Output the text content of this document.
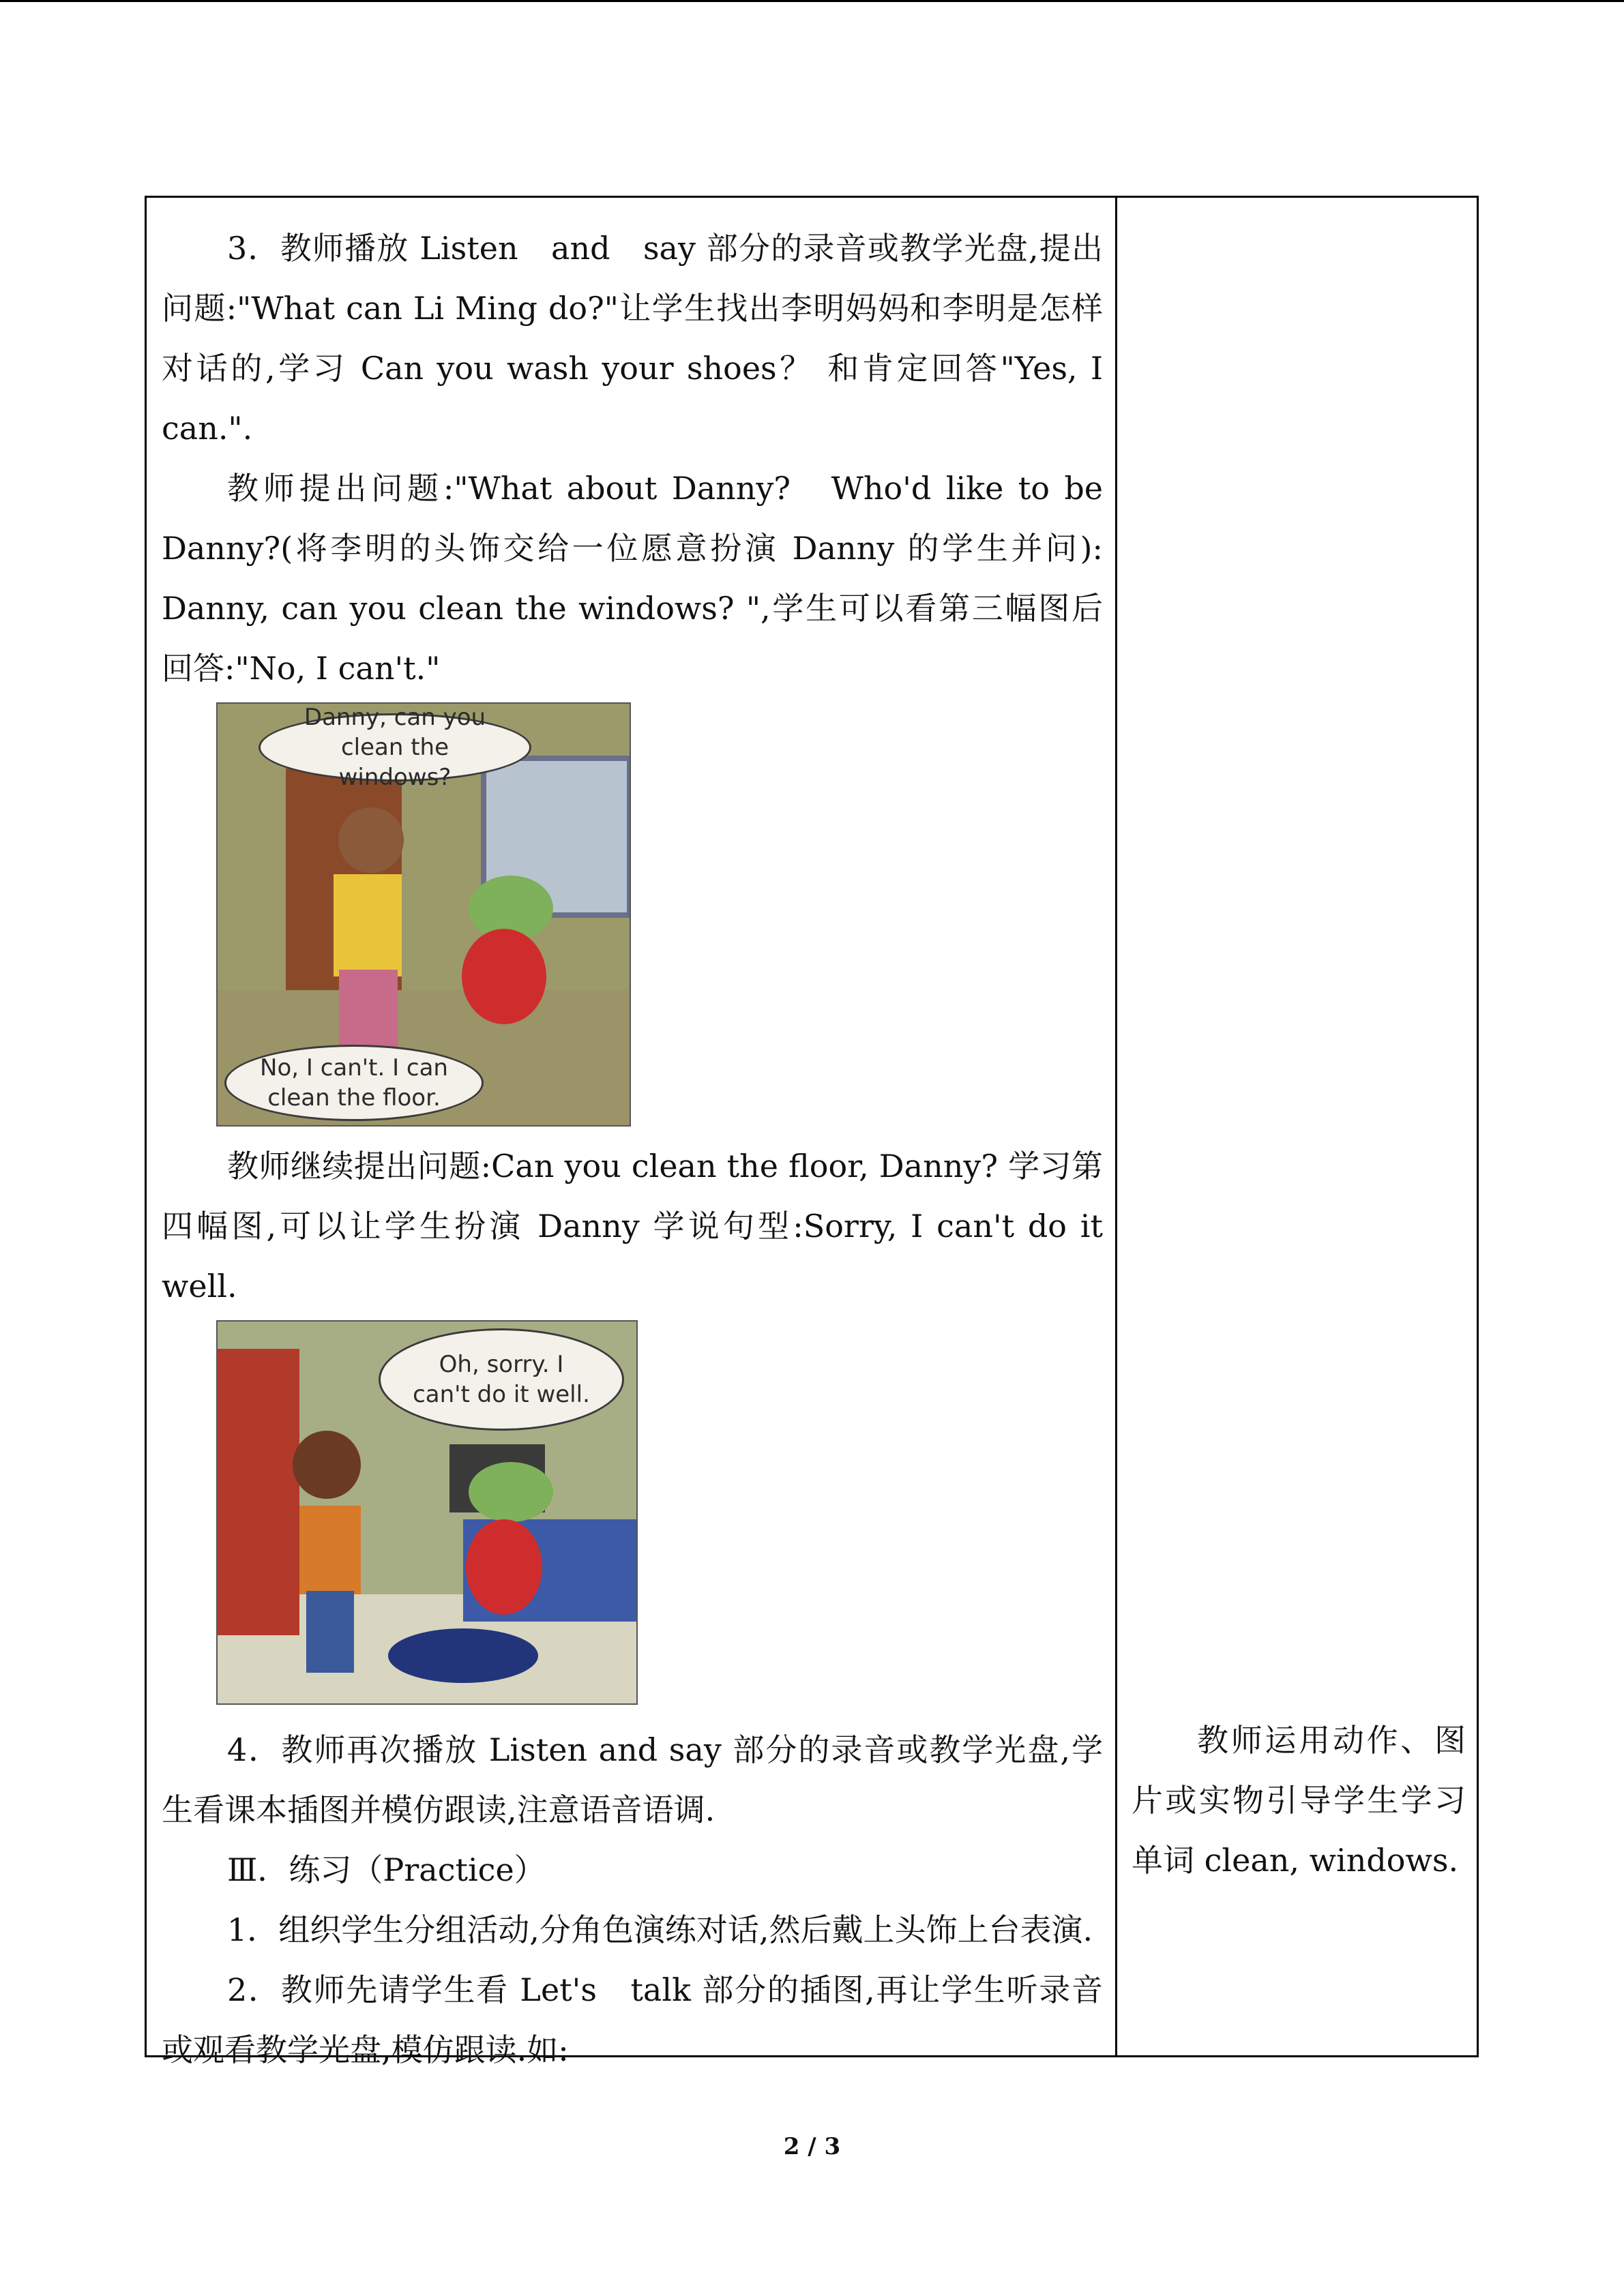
3．教师播放 Listen　and　say 部分的录音或教学光盘,提出问题:"What can Li Ming do?"让学生找出李明妈妈和李明是怎样对话的,学习 Can you wash your shoes？ 和肯定回答"Yes, I can.".

教师提出问题:"What about Danny?　Who'd like to be Danny?(将李明的头饰交给一位愿意扮演 Danny 的学生并问): Danny, can you clean the windows? ",学生可以看第三幅图后回答:"No, I can't."

Danny, can you clean the windows?
No, I can't. I can clean the floor.

教师继续提出问题:Can you clean the floor, Danny? 学习第四幅图,可以让学生扮演 Danny 学说句型:Sorry, I can't do it well.

Oh, sorry. I can't do it well.

4．教师再次播放 Listen and say 部分的录音或教学光盘,学生看课本插图并模仿跟读,注意语音语调.

Ⅲ．练习（Practice）

1．组织学生分组活动,分角色演练对话,然后戴上头饰上台表演.

2．教师先请学生看 Let's　talk 部分的插图,再让学生听录音或观看教学光盘,模仿跟读.如:

教师运用动作、图片或实物引导学生学习单词 clean, windows.

2 / 3
